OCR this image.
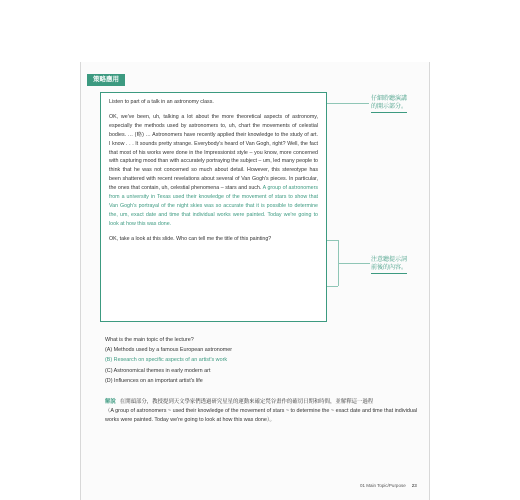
策略應用

Listen to part of a talk in an astronomy class.

OK, we've been, uh, talking a lot about the more theoretical aspects of astronomy, especially the methods used by astronomers to, uh, chart the movements of celestial bodies. … (略) … Astronomers have recently applied their knowledge to the study of art. I know . . . It sounds pretty strange. Everybody's heard of Van Gogh, right? Well, the fact that most of his works were done in the Impressionist style – you know, more concerned with capturing mood than with accurately portraying the subject – um, led many people to think that he was not concerned so much about detail. However, this stereotype has been shattered with recent revelations about several of Van Gogh's pieces. In particular, the ones that contain, uh, celestial phenomena – stars and such. A group of astronomers from a university in Texas used their knowledge of the movement of stars to show that Van Gogh's portrayal of the night skies was so accurate that it is possible to determine the, um, exact date and time that individual works were painted. Today we're going to look at how this was done.

OK, take a look at this slide. Who can tell me the title of this painting?

仔細聆聽演講
的開示部分。
注意聽提示詞
前後的內容。
What is the main topic of the lecture?
(A) Methods used by a famous European astronomer
(B) Research on specific aspects of an artist's work
(C) Astronomical themes in early modern art
(D) Influences on an important artist's life
解說 在開頭部分，教授提到天文學家們透過研究星星的運動來確定梵谷畫作的確切日期和時間，並解釋這一過程
（A group of astronomers ~ used their knowledge of the movement of stars ~ to determine the ~ exact date and time that individual works were painted. Today we're going to look at how this was done）。
01 Main Topic/Purpose 23
